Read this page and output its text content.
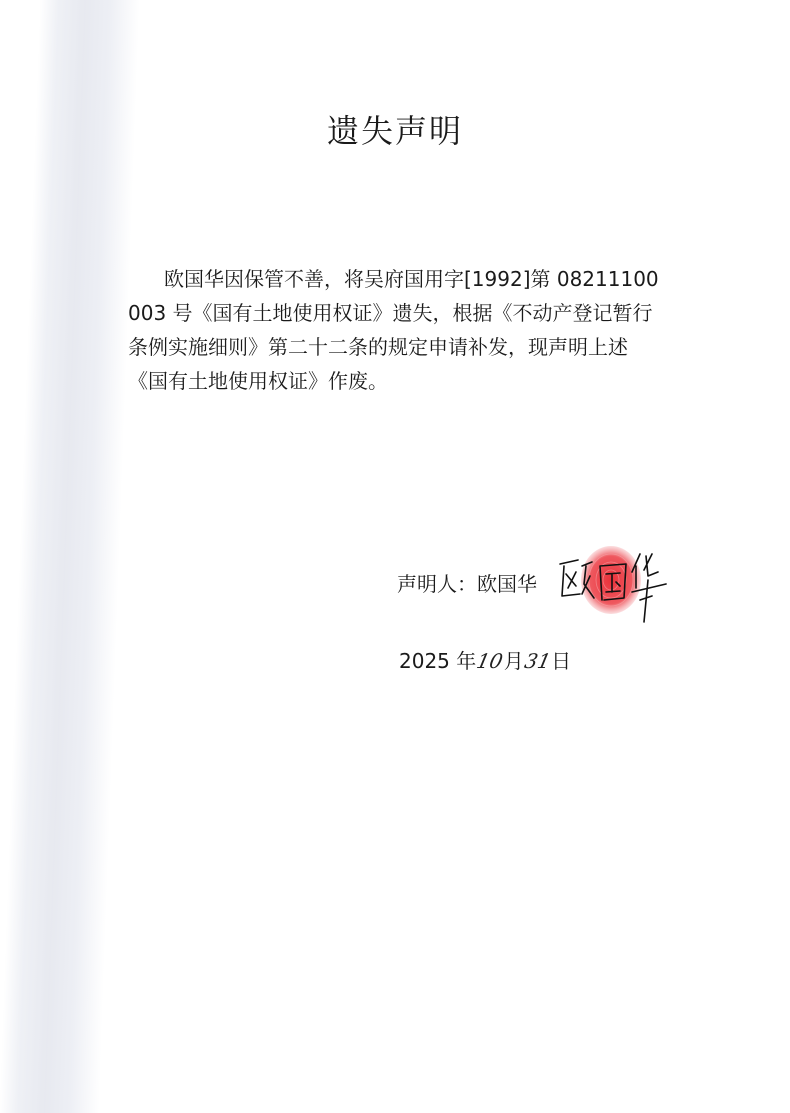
遗失声明

欧国华因保管不善，将吴府国用字[1992]第 08211100
003 号《国有土地使用权证》遗失，根据《不动产登记暂行
条例实施细则》第二十二条的规定申请补发，现声明上述
《国有土地使用权证》作废。

声明人：欧国华
2025 年10月31日
